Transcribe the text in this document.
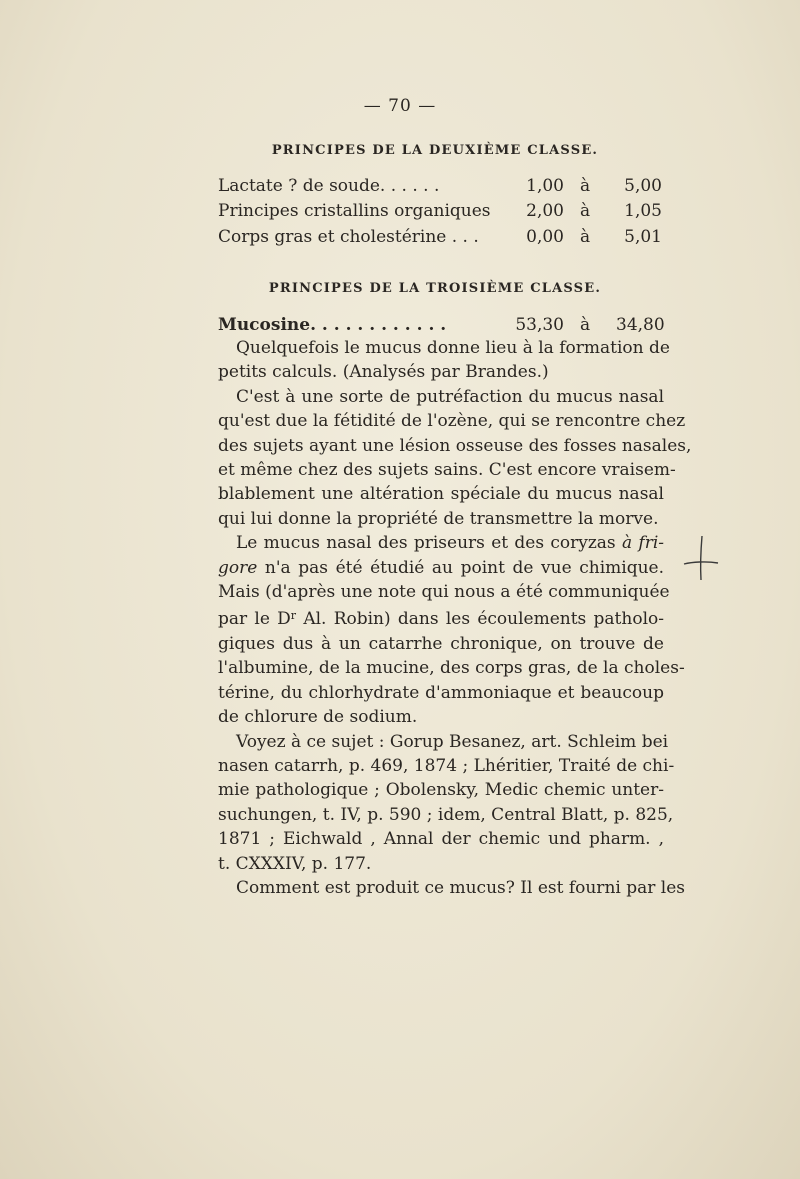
— 70 —
PRINCIPES DE LA DEUXIÈME CLASSE.
Lactate ? de soude. . . . . .	1,00 à	5,00
Principes cristallins organiques	2,00 à	1,05
Corps gras et cholestérine . . .	0,00 à	5,01
PRINCIPES DE LA TROISIÈME CLASSE.
Mucosine. . . . . . . . . . . .	53,30 à 34,80
Quelquefois le mucus donne lieu à la formation de
petits calculs. (Analysés par Brandes.)
C'est à une sorte de putréfaction du mucus nasal
qu'est due la fétidité de l'ozène, qui se rencontre chez
des sujets ayant une lésion osseuse des fosses nasales,
et même chez des sujets sains. C'est encore vraisem-
blablement une altération spéciale du mucus nasal
qui lui donne la propriété de transmettre la morve.
Le mucus nasal des priseurs et des coryzas à fri-
gore n'a pas été étudié au point de vue chimique.
Mais (d'après une note qui nous a été communiquée
par le $D^r$ Al. Robin) dans les écoulements patholo-
giques dus à un catarrhe chronique, on trouve de
l'albumine, de la mucine, des corps gras, de la choles-
térine, du chlorhydrate d'ammoniaque et beaucoup
de chlorure de sodium.
Voyez à ce sujet : Gorup Besanez, art. Schleim bei
nasen catarrh, p. 469, 1874 ; Lhéritier, Traité de chi-
mie pathologique ; Obolensky, Medic chemic unter-
suchungen, t. IV, p. 590 ; idem, Central Blatt, p. 825,
1871 ; Eichwald , Annal der chemic und pharm. ,
t. CXXXIV, p. 177.
Comment est produit ce mucus? Il est fourni par les
